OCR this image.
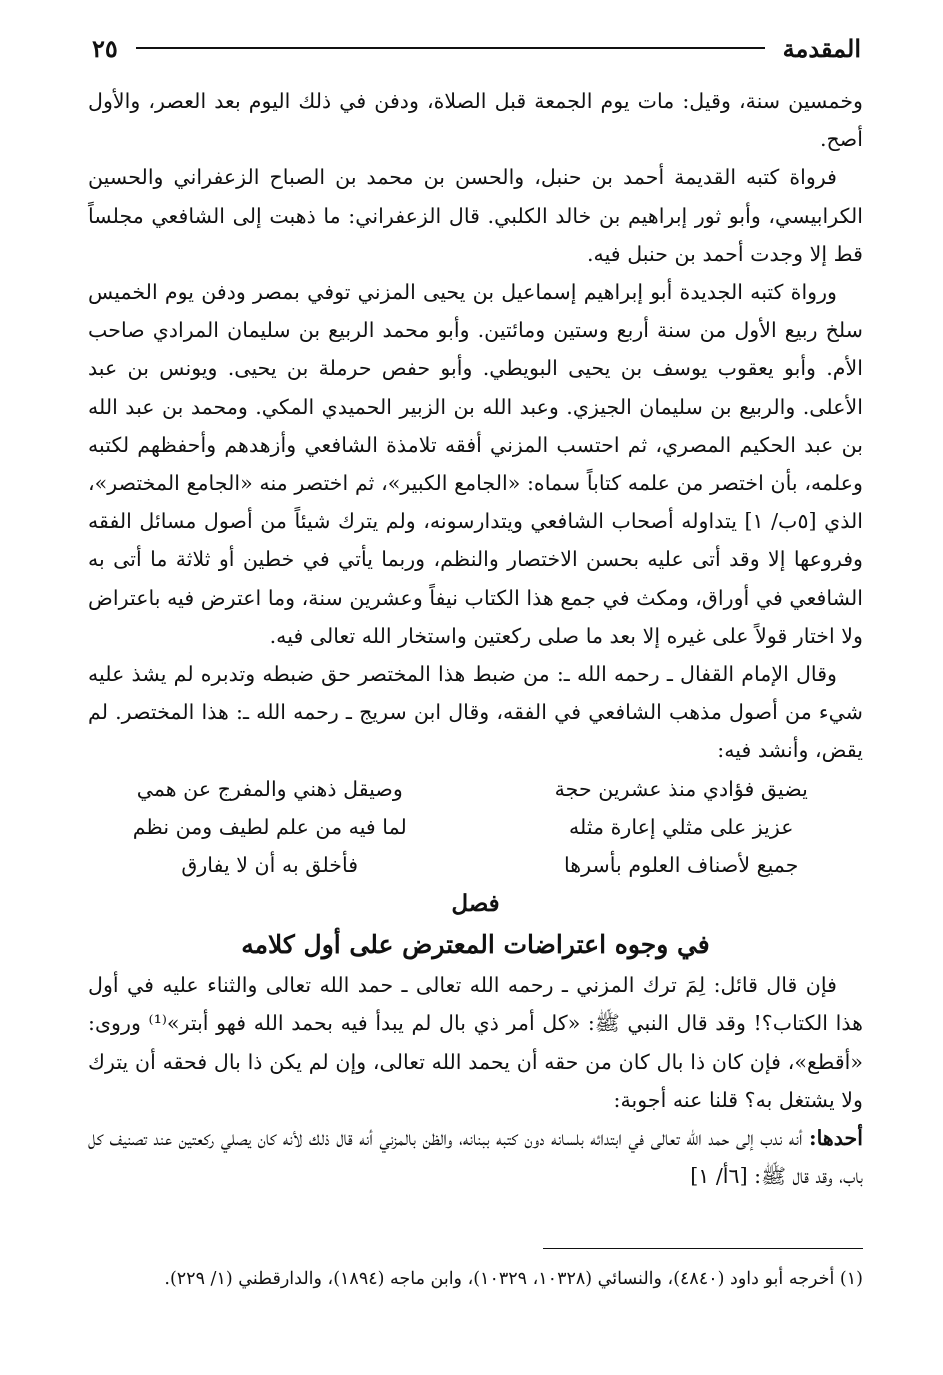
المقدمة
٢٥

وخمسين سنة، وقيل: مات يوم الجمعة قبل الصلاة، ودفن في ذلك اليوم بعد العصر، والأول أصح.

فرواة كتبه القديمة أحمد بن حنبل، والحسن بن محمد بن الصباح الزعفراني والحسين الكرابيسي، وأبو ثور إبراهيم بن خالد الكلبي. قال الزعفراني: ما ذهبت إلى الشافعي مجلساً قط إلا وجدت أحمد بن حنبل فيه.

ورواة كتبه الجديدة أبو إبراهيم إسماعيل بن يحيى المزني توفي بمصر ودفن يوم الخميس سلخ ربيع الأول من سنة أربع وستين ومائتين. وأبو محمد الربيع بن سليمان المرادي صاحب الأم. وأبو يعقوب يوسف بن يحيى البويطي. وأبو حفص حرملة بن يحيى. ويونس بن عبد الأعلى. والربيع بن سليمان الجيزي. وعبد الله بن الزبير الحميدي المكي. ومحمد بن عبد الله بن عبد الحكيم المصري، ثم احتسب المزني أفقه تلامذة الشافعي وأزهدهم وأحفظهم لكتبه وعلمه، بأن اختصر من علمه كتاباً سماه: «الجامع الكبير»، ثم اختصر منه «الجامع المختصر»، الذي [٥ب/ ١] يتداوله أصحاب الشافعي ويتدارسونه، ولم يترك شيئاً من أصول مسائل الفقه وفروعها إلا وقد أتى عليه بحسن الاختصار والنظم، وربما يأتي في خطين أو ثلاثة ما أتى به الشافعي في أوراق، ومكث في جمع هذا الكتاب نيفاً وعشرين سنة، وما اعترض فيه باعتراض ولا اختار قولاً على غيره إلا بعد ما صلى ركعتين واستخار الله تعالى فيه.

وقال الإمام القفال ـ رحمه الله ـ: من ضبط هذا المختصر حق ضبطه وتدبره لم يشذ عليه شيء من أصول مذهب الشافعي في الفقه، وقال ابن سريج ـ رحمه الله ـ: هذا المختصر. لم يقض، وأنشد فيه:

يضيق فؤادي منذ عشرين حجة
وصيقل ذهني والمفرج عن همي
عزيز على مثلي إعارة مثله
لما فيه من علم لطيف ومن نظم
جميع لأصناف العلوم بأسرها
فأخلق به أن لا يفارق
فصل
في وجوه اعتراضات المعترض على أول كلامه

فإن قال قائل: لِمَ ترك المزني ـ رحمه الله تعالى ـ حمد الله تعالى والثناء عليه في أول هذا الكتاب؟! وقد قال النبي ﷺ: «كل أمر ذي بال لم يبدأ فيه بحمد الله فهو أبتر»⁽¹⁾ وروى: «أقطع»، فإن كان ذا بال كان من حقه أن يحمد الله تعالى، وإن لم يكن ذا بال فحقه أن يترك ولا يشتغل به؟ قلنا عنه أجوبة:

أحدها: أنه ندب إلى حمد الله تعالى في ابتدائه بلسانه دون كتبه ببنانه، والظن بالمزني أنه قال ذلك لأنه كان يصلي ركعتين عند تصنيف كل باب، وقد قال ﷺ: [٦أ/ ١]

(١) أخرجه أبو داود (٤٨٤٠)، والنسائي (١٠٣٢٨، ١٠٣٢٩)، وابن ماجه (١٨٩٤)، والدارقطني (١/ ٢٢٩).
